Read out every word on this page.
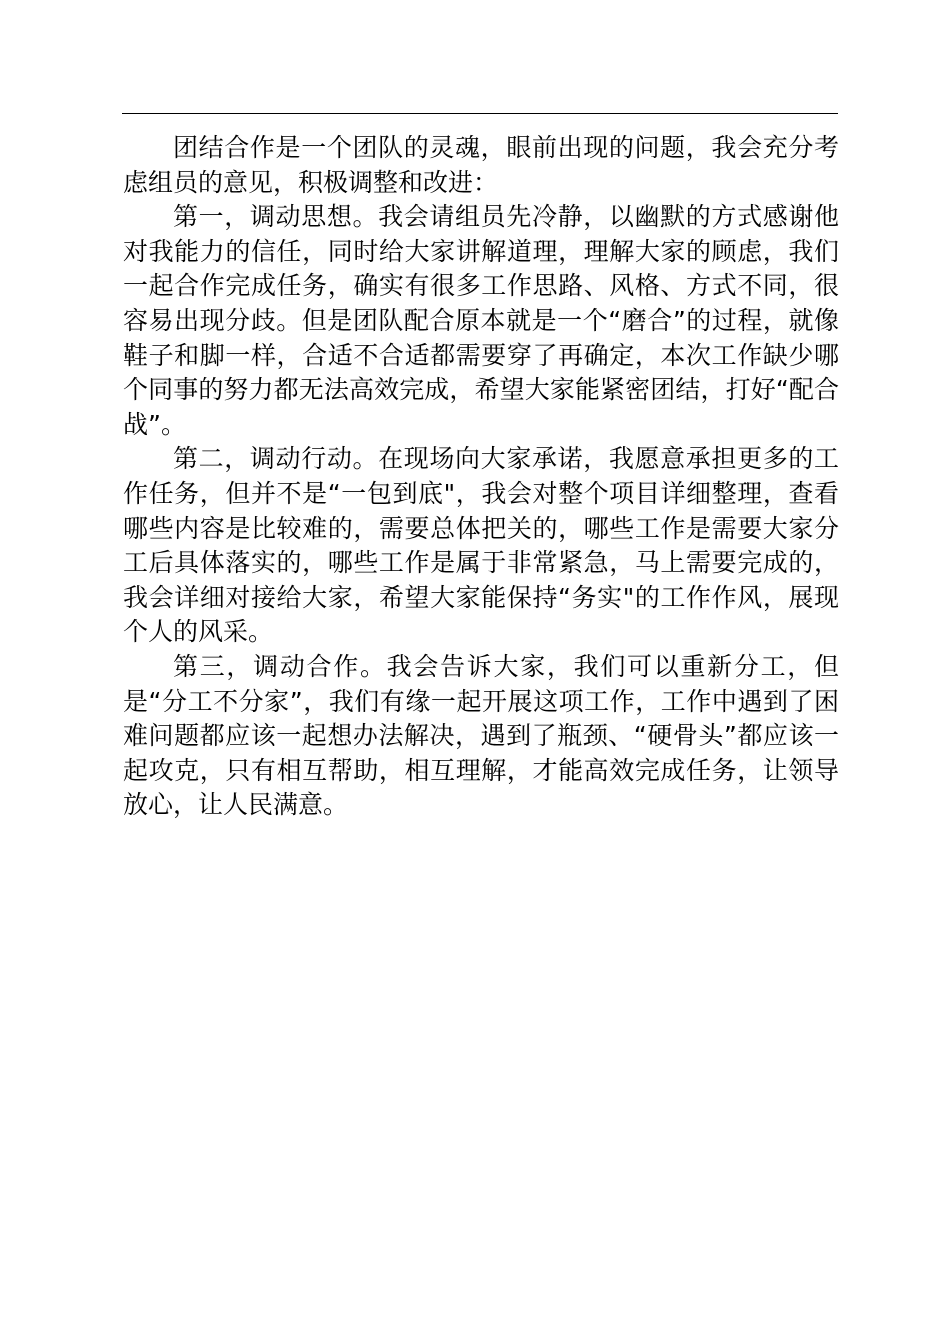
团结合作是一个团队的灵魂，眼前出现的问题，我会充分考虑组员的意见，积极调整和改进：

第一，调动思想。我会请组员先冷静，以幽默的方式感谢他对我能力的信任，同时给大家讲解道理，理解大家的顾虑，我们一起合作完成任务，确实有很多工作思路、风格、方式不同，很容易出现分歧。但是团队配合原本就是一个“磨合”的过程，就像鞋子和脚一样，合适不合适都需要穿了再确定，本次工作缺少哪个同事的努力都无法高效完成，希望大家能紧密团结，打好“配合战”。

第二，调动行动。在现场向大家承诺，我愿意承担更多的工作任务，但并不是“一包到底"，我会对整个项目详细整理，查看哪些内容是比较难的，需要总体把关的，哪些工作是需要大家分工后具体落实的，哪些工作是属于非常紧急，马上需要完成的，我会详细对接给大家，希望大家能保持“务实"的工作作风，展现个人的风采。

第三，调动合作。我会告诉大家，我们可以重新分工，但是“分工不分家”，我们有缘一起开展这项工作，工作中遇到了困难问题都应该一起想办法解决，遇到了瓶颈、“硬骨头”都应该一起攻克，只有相互帮助，相互理解，才能高效完成任务，让领导放心，让人民满意。
